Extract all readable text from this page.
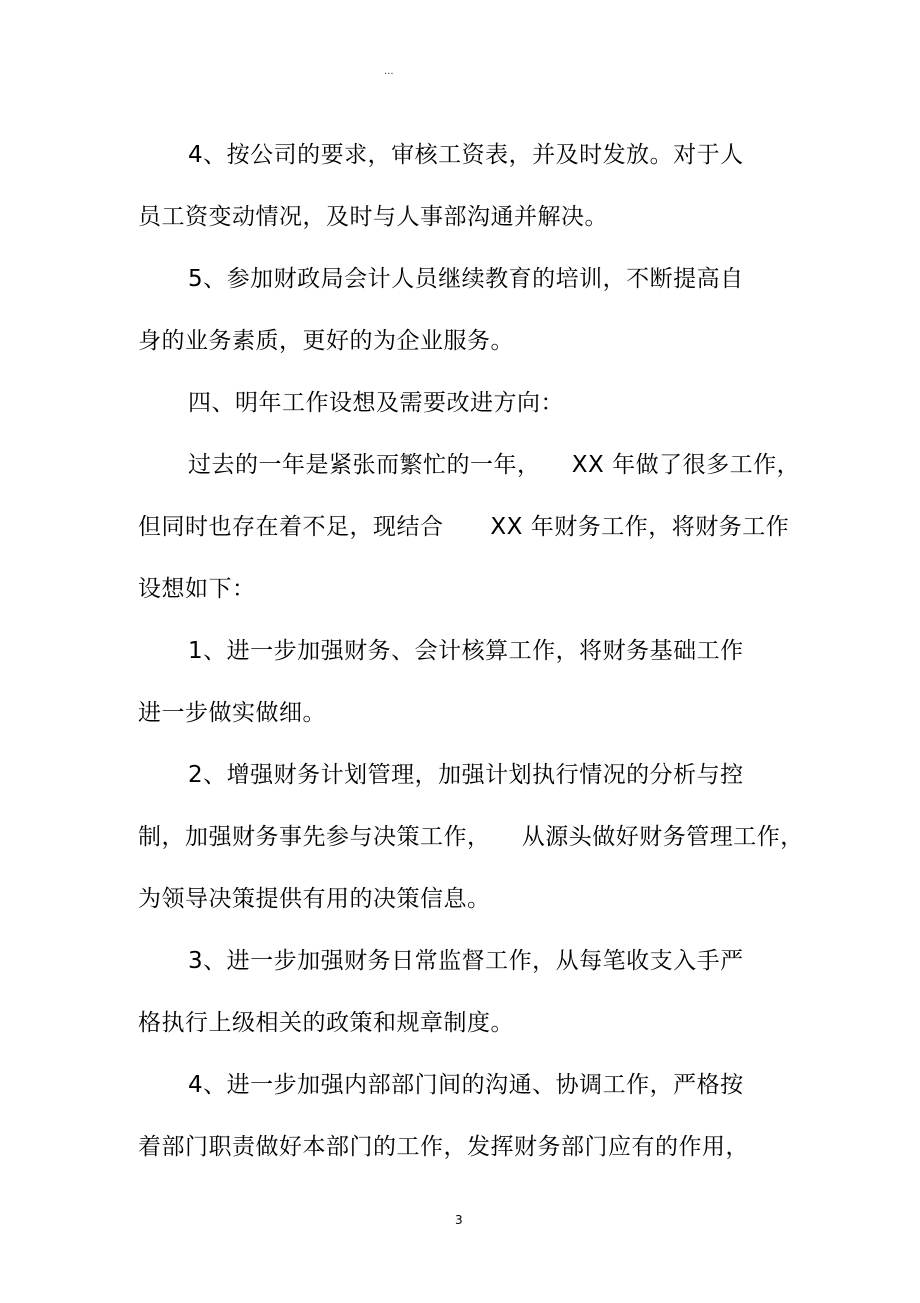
...
4、按公司的要求，审核工资表，并及时发放。对于人
员工资变动情况，及时与人事部沟通并解决。
5、参加财政局会计人员继续教育的培训，不断提高自
身的业务素质，更好的为企业服务。
四、明年工作设想及需要改进方向：
过去的一年是紧张而繁忙的一年，    XX 年做了很多工作，
但同时也存在着不足，现结合      XX 年财务工作，将财务工作
设想如下：
1、进一步加强财务、会计核算工作，将财务基础工作
进一步做实做细。
2、增强财务计划管理，加强计划执行情况的分析与控
制，加强财务事先参与决策工作，    从源头做好财务管理工作，
为领导决策提供有用的决策信息。
3、进一步加强财务日常监督工作，从每笔收支入手严
格执行上级相关的政策和规章制度。
4、进一步加强内部部门间的沟通、协调工作，严格按
着部门职责做好本部门的工作，发挥财务部门应有的作用，
3
